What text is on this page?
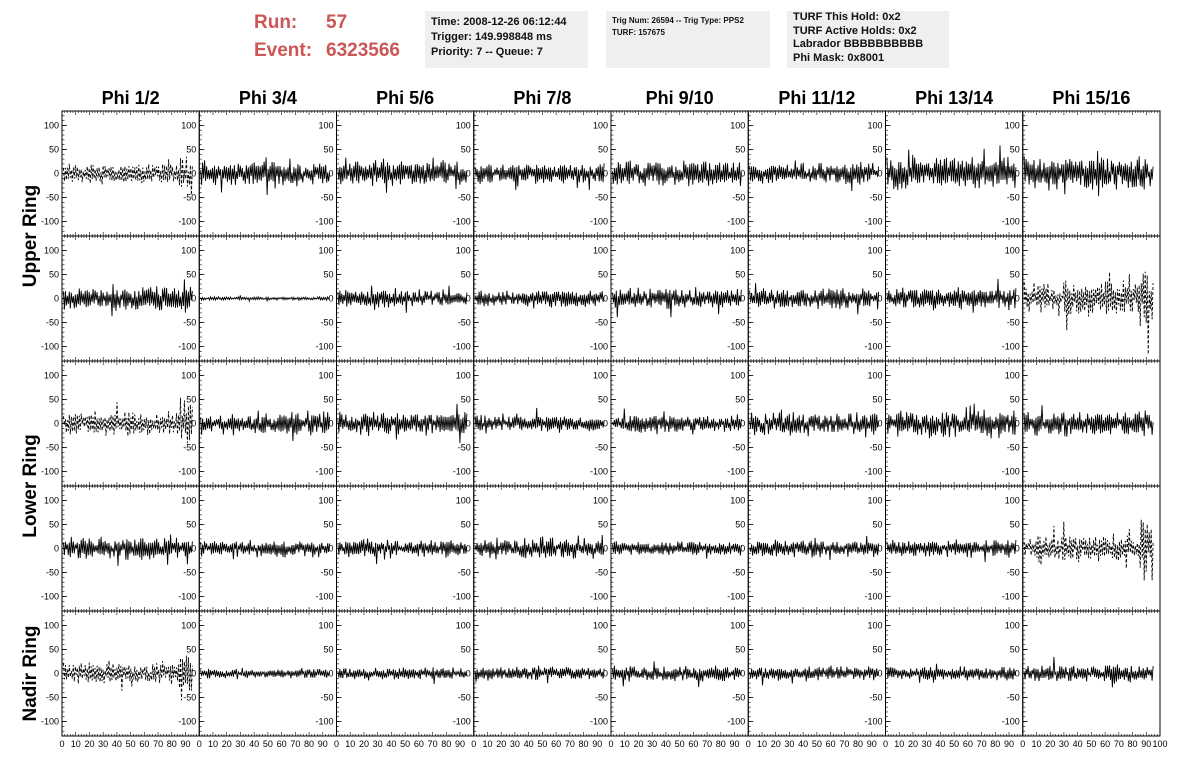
Run: 57
Event: 6323566
Time: 2008-12-26 06:12:44
Trigger: 149.998848 ms
Priority: 7 -- Queue: 7
Trig Num: 26594 -- Trig Type: PPS2
TURF: 157675
TURF This Hold: 0x2
TURF Active Holds: 0x2
Labrador BBBBBBBBBB
Phi Mask: 0x8001
Phi 1/2	Phi 3/4	Phi 5/6	Phi 7/8	Phi 9/10	Phi 11/12	Phi 13/14	Phi 15/16
Upper Ring
Lower Ring
Nadir Ring
100	100
50	50
0	0
-50	-50
-100	-100
100
50
0
-50
-100
100
50
0
-50
-100
100
50
0
-50
-100
100
50
0
-50
-100
100
50
0
-50
-100
100
50
0
-50
-100
100	100
50	50
0	0
-50	-50
-100	-100
100
50
0
-50
-100
100
50
0
-50
-100
100
50
0
-50
-100
100
50
0
-50
-100
100
50
0
-50
-100
100
50
0
-50
-100
100	100
50	50
0	0
-50	-50
-100	-100
100
50
0
-50
-100
100
50
0
-50
-100
100
50
0
-50
-100
100
50
0
-50
-100
100
50
0
-50
-100
100
50
0
-50
-100
100	100
50	50
0	0
-50	-50
-100	-100
100
50
0
-50
-100
100
50
0
-50
-100
100
50
0
-50
-100
100
50
0
-50
-100
100
50
0
-50
-100
100
50
0
-50
-100
100	100
50	50
0	0
-50	-50
-100	-100
0 10 20 30 40 50 60 70 80 90
100
50
0
-50
-100
0 10 20 30 40 50 60 70 80 90
100
50
0
-50
-100
0 10 20 30 40 50 60 70 80 90
100
50
0
-50
-100
0 10 20 30 40 50 60 70 80 90
100
50
0
-50
-100
0 10 20 30 40 50 60 70 80 90
100
50
0
-50
-100
0 10 20 30 40 50 60 70 80 90
100
50
0
-50
-100
0 10 20 30 40 50 60 70 80 90 0 10 20 30 40 50 60 70 80 90 100
